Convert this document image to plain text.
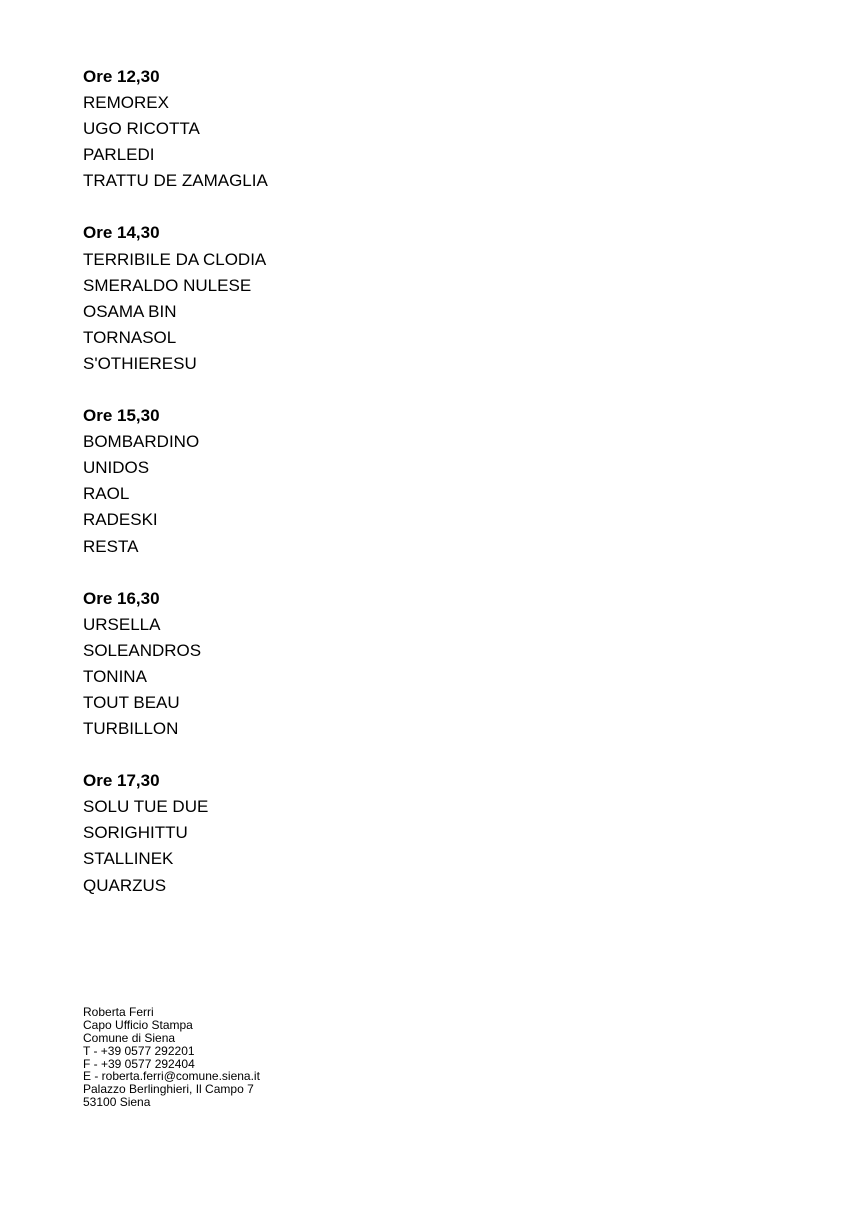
Ore 12,30
REMOREX
UGO RICOTTA
PARLEDI
TRATTU DE ZAMAGLIA
Ore 14,30
TERRIBILE DA CLODIA
SMERALDO NULESE
OSAMA BIN
TORNASOL
S'OTHIERESU
Ore 15,30
BOMBARDINO
UNIDOS
RAOL
RADESKI
RESTA
Ore 16,30
URSELLA
SOLEANDROS
TONINA
TOUT BEAU
TURBILLON
Ore 17,30
SOLU TUE DUE
SORIGHITTU
STALLINEK
QUARZUS
Roberta Ferri
Capo Ufficio Stampa
Comune di Siena
T - +39 0577 292201
F - +39 0577 292404
E - roberta.ferri@comune.siena.it
Palazzo Berlinghieri, Il Campo 7
53100 Siena
